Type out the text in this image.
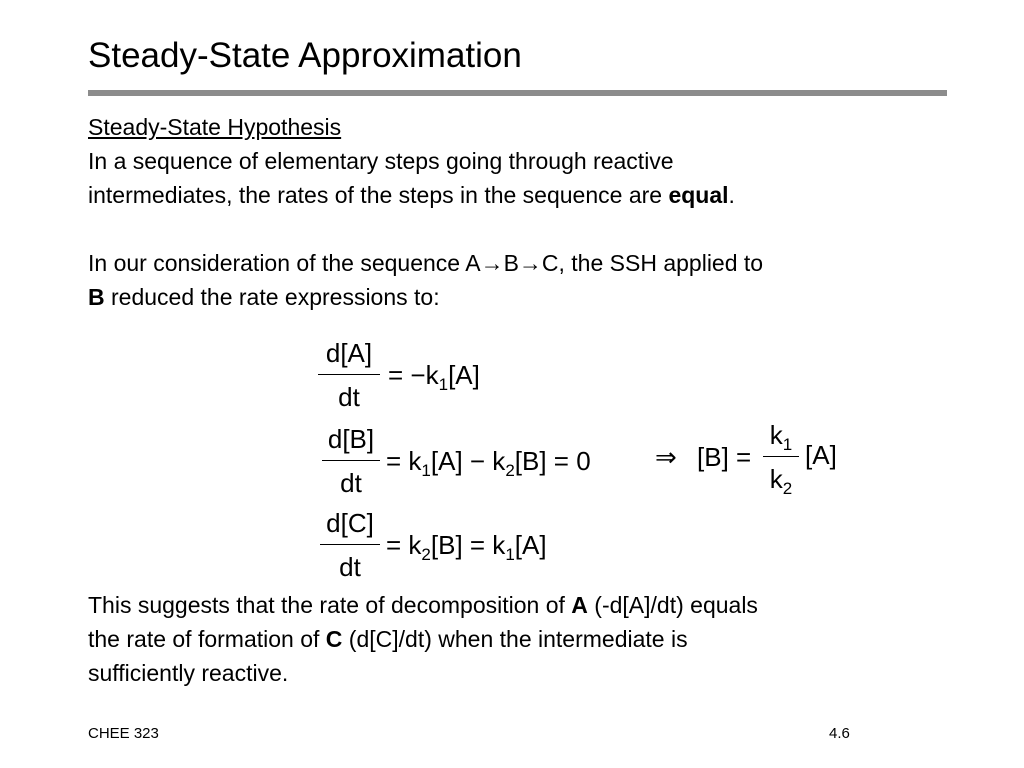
Steady-State Approximation
Steady-State Hypothesis
In a sequence of elementary steps going through reactive
intermediates, the rates of the steps in the sequence are equal.
In our consideration of the sequence A→B→C, the SSH applied to
B reduced the rate expressions to:
d[A]
dt
= $-k_1[A]$
d[B]
dt
= $k_1[A] - k_2[B] = 0$ ⇒ [B] =
$k_1$
$k_2$
[A]
d[C]
dt
= $k_2[B] = k_1[A]$
This suggests that the rate of decomposition of A (-d[A]/dt) equals
the rate of formation of C (d[C]/dt) when the intermediate is
sufficiently reactive.
CHEE 323	4.6
